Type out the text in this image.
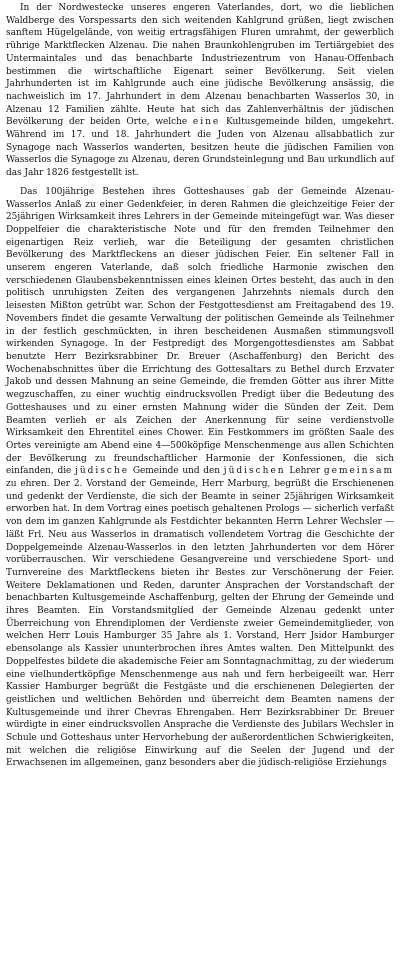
In der Nordwestecke unseres engeren Vaterlandes, dort, wo die lieblichen Waldberge des Vorspessarts den sich weitenden Kahlgrund grüßen, liegt zwischen sanftem Hügelgelände, von weitig ertragsfähigen Fluren umrahmt, der gewerblich rührige Marktflecken Alzenau. Die nahen Braunkohlengruben im Tertiärgebiet des Untermaintales und das benachbarte Industriezentrum von Hanau-Offenbach bestimmen die wirtschaftliche Eigenart seiner Bevölkerung. Seit vielen Jahrhunderten ist im Kahlgrunde auch eine jüdische Bevölkerung ansässig, die nachweislich im 17. Jahrhundert in dem Alzenau benachbarten Wasserlos 30, in Alzenau 12 Familien zählte. Heute hat sich das Zahlenverhältnis der jüdischen Bevölkerung der beiden Orte, welche eine Kultusgemeinde bilden, umgekehrt. Während im 17. und 18. Jahrhundert die Juden von Alzenau allsabbatlich zur Synagoge nach Wasserlos wanderten, besitzen heute die jüdischen Familien von Wasserlos die Synagoge zu Alzenau, deren Grundsteinlegung und Bau urkundlich auf das Jahr 1826 festgestellt ist.

Das 100jährige Bestehen ihres Gotteshauses gab der Gemeinde Alzenau-Wasserlos Anlaß zu einer Gedenkfeier, in deren Rahmen die gleichzeitige Feier der 25jährigen Wirksamkeit ihres Lehrers in der Gemeinde miteingefügt war. Was dieser Doppelfeier die charakteristische Note und für den fremden Teilnehmer den eigenartigen Reiz verlieh, war die Beteiligung der gesamten christlichen Bevölkerung des Marktfleckens an dieser jüdischen Feier. Ein seltener Fall in unserem engeren Vaterlande, daß solch friedliche Harmonie zwischen den verschiedenen Glaubensbekenntnissen eines kleinen Ortes besteht, das auch in den politisch unruhigsten Zeiten des vergangenen Jahrzehnts niemals durch den leisesten Mißton getrübt war. Schon der Festgottesdienst am Freitagabend des 19. Novembers findet die gesamte Verwaltung der politischen Gemeinde als Teilnehmer in der festlich geschmückten, in ihren bescheidenen Ausmaßen stimmungsvoll wirkenden Synagoge. In der Festpredigt des Morgengottesdienstes am Sabbat benutzte Herr Bezirksrabbiner Dr. Breuer (Aschaffenburg) den Bericht des Wochenabschnittes über die Errichtung des Gottesaltars zu Bethel durch Erzvater Jakob und dessen Mahnung an seine Gemeinde, die fremden Götter aus ihrer Mitte wegzuschaffen, zu einer wuchtig eindrucksvollen Predigt über die Bedeutung des Gotteshauses und zu einer ernsten Mahnung wider die Sünden der Zeit. Dem Beamten verlieh er als Zeichen der Anerkennung für seine verdienstvolle Wirksamkeit den Ehrentitel eines Chower. Ein Festkommers im größten Saale des Ortes vereinigte am Abend eine 4—500köpfige Menschenmenge aus allen Schichten der Bevölkerung zu freundschaftlicher Harmonie der Konfessionen, die sich einfanden, die jüdische Gemeinde und den jüdischen Lehrer gemeinsam zu ehren. Der 2. Vorstand der Gemeinde, Herr Marburg, begrüßt die Erschienenen und gedenkt der Verdienste, die sich der Beamte in seiner 25jährigen Wirksamkeit erworben hat. In dem Vortrag eines poetisch gehaltenen Prologs — sicherlich verfaßt von dem im ganzen Kahlgrunde als Festdichter bekannten Herrn Lehrer Wechsler — läßt Frl. Neu aus Wasserlos in dramatisch vollendetem Vortrag die Geschichte der Doppelgemeinde Alzenau-Wasserlos in den letzten Jahrhunderten vor dem Hörer vorüberrauschen. Wir verschiedene Gesangvereine und verschiedene Sport- und Turnvereine des Marktfleckens bieten ihr Bestes zur Verschönerung der Feier. Weitere Deklamationen und Reden, darunter Ansprachen der Vorstandschaft der benachbarten Kultusgemeinde Aschaffenburg, gelten der Ehrung der Gemeinde und ihres Beamten. Ein Vorstandsmitglied der Gemeinde Alzenau gedenkt unter Überreichung von Ehrendiplomen der Verdienste zweier Gemeindemitglieder, von welchen Herr Louis Hamburger 35 Jahre als 1. Vorstand, Herr Jsidor Hamburger ebensolange als Kassier ununterbrochen ihres Amtes walten. Den Mittelpunkt des Doppelfestes bildete die akademische Feier am Sonntagnachmittag, zu der wiederum eine vielhundertköpfige Menschenmenge aus nah und fern herbeigeeilt war. Herr Kassier Hamburger begrüßt die Festgäste und die erschienenen Delegierten der geistlichen und weltlichen Behörden und überreicht dem Beamten namens der Kultusgemeinde und ihrer Chevras Ehrengaben. Herr Bezirksrabbiner Dr. Breuer würdigte in einer eindrucksvollen Ansprache die Verdienste des Jubilars Wechsler in Schule und Gotteshaus unter Hervorhebung der außerordentlichen Schwierigkeiten, mit welchen die religiöse Einwirkung auf die Seelen der Jugend und der Erwachsenen im allgemeinen, ganz besonders aber die jüdisch-religiöse Erziehungs
